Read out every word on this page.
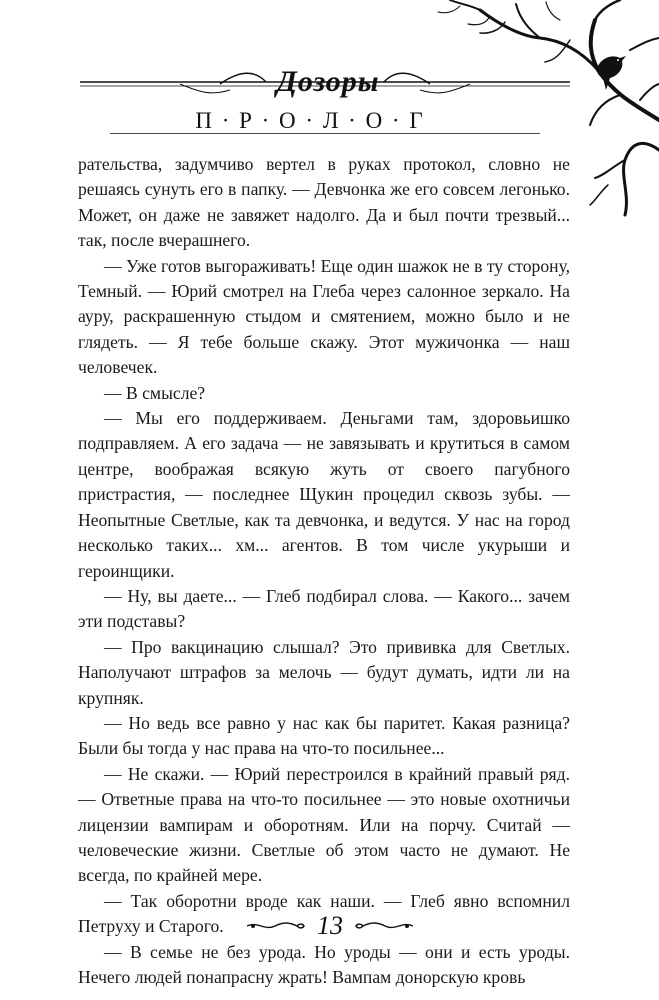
Дозоры
П · Р · О · Л · О · Г

рательства, задумчиво вертел в руках протокол, словно не решаясь сунуть его в папку. — Девчонка же его совсем легонько. Может, он даже не завяжет надолго. Да и был почти трезвый... так, после вчерашнего.

— Уже готов выгораживать! Еще один шажок не в ту сторону, Темный. — Юрий смотрел на Глеба через салонное зеркало. На ауру, раскрашенную стыдом и смятением, можно было и не глядеть. — Я тебе больше скажу. Этот мужичонка — наш человечек.

— В смысле?

— Мы его поддерживаем. Деньгами там, здоровьишко подправляем. А его задача — не завязывать и крутиться в самом центре, воображая всякую жуть от своего пагубного пристрастия, — последнее Щукин процедил сквозь зубы. — Неопытные Светлые, как та девчонка, и ведутся. У нас на город несколько таких... хм... агентов. В том числе укурыши и героинщики.

— Ну, вы даете... — Глеб подбирал слова. — Какого... зачем эти подставы?

— Про вакцинацию слышал? Это прививка для Светлых. Наполучают штрафов за мелочь — будут думать, идти ли на крупняк.

— Но ведь все равно у нас как бы паритет. Какая разница? Были бы тогда у нас права на что-то посильнее...

— Не скажи. — Юрий перестроился в крайний правый ряд. — Ответные права на что-то посильнее — это новые охотничьи лицензии вампирам и оборотням. Или на порчу. Считай — человеческие жизни. Светлые об этом часто не думают. Не всегда, по крайней мере.

— Так оборотни вроде как наши. — Глеб явно вспомнил Петруху и Старого.

— В семье не без урода. Но уроды — они и есть уроды. Нечего людей понапрасну жрать! Вампам донорскую кровь

13
